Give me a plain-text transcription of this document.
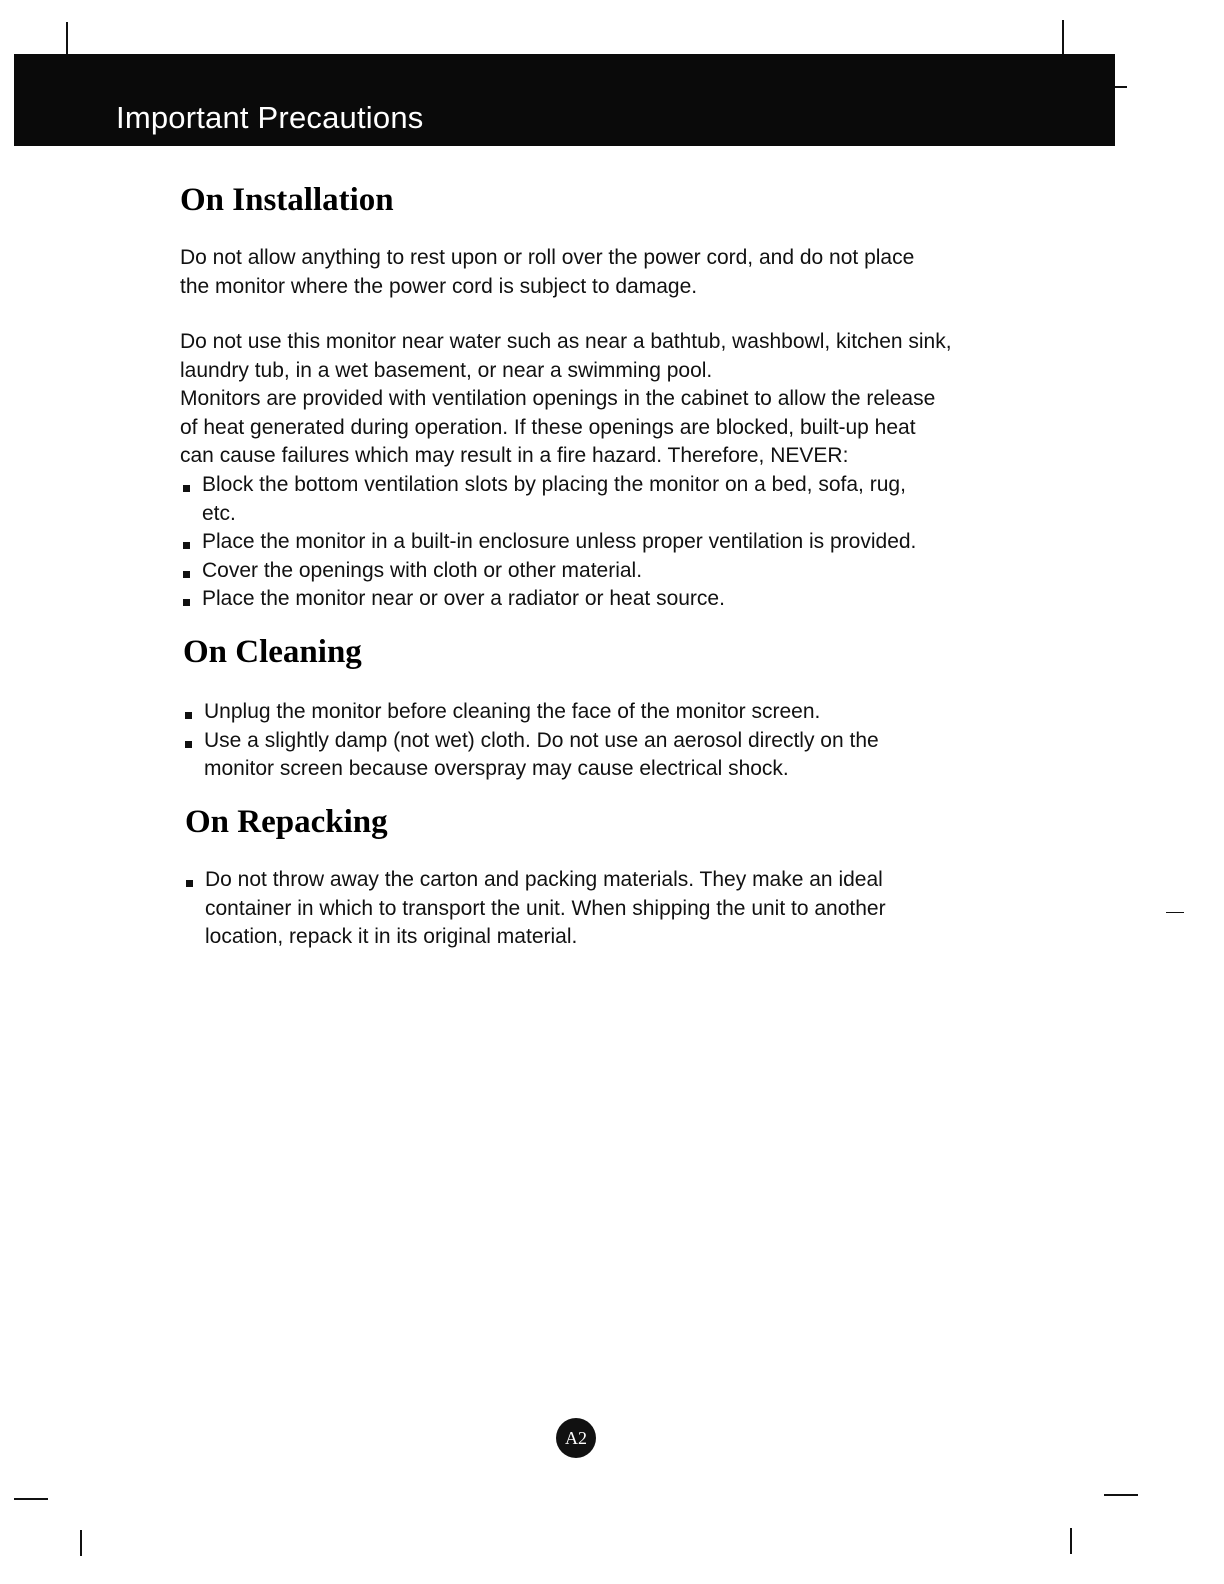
Important Precautions
On Installation

Do not allow anything to rest upon or roll over the power cord, and do not place the monitor where the power cord is subject to damage.

Do not use this monitor near water such as near a bathtub, washbowl, kitchen sink, laundry tub, in a wet basement, or near a swimming pool.
Monitors are provided with ventilation openings in the cabinet to allow the release of heat generated during operation. If these openings are blocked, built-up heat can cause failures which may result in a fire hazard. Therefore, NEVER:

Block the bottom ventilation slots by placing the monitor on a bed, sofa, rug, etc.
Place the monitor in a built-in enclosure unless proper ventilation is provided.
Cover the openings with cloth or other material.
Place the monitor near or over a radiator or heat source.
On Cleaning
Unplug the monitor before cleaning the face of the monitor screen.
Use a slightly damp (not wet) cloth. Do not use an aerosol directly on the monitor screen because overspray may cause electrical shock.
On Repacking
Do not throw away the carton and packing materials. They make an ideal container in which to transport the unit. When shipping the unit to another location, repack it in its original material.
A2
